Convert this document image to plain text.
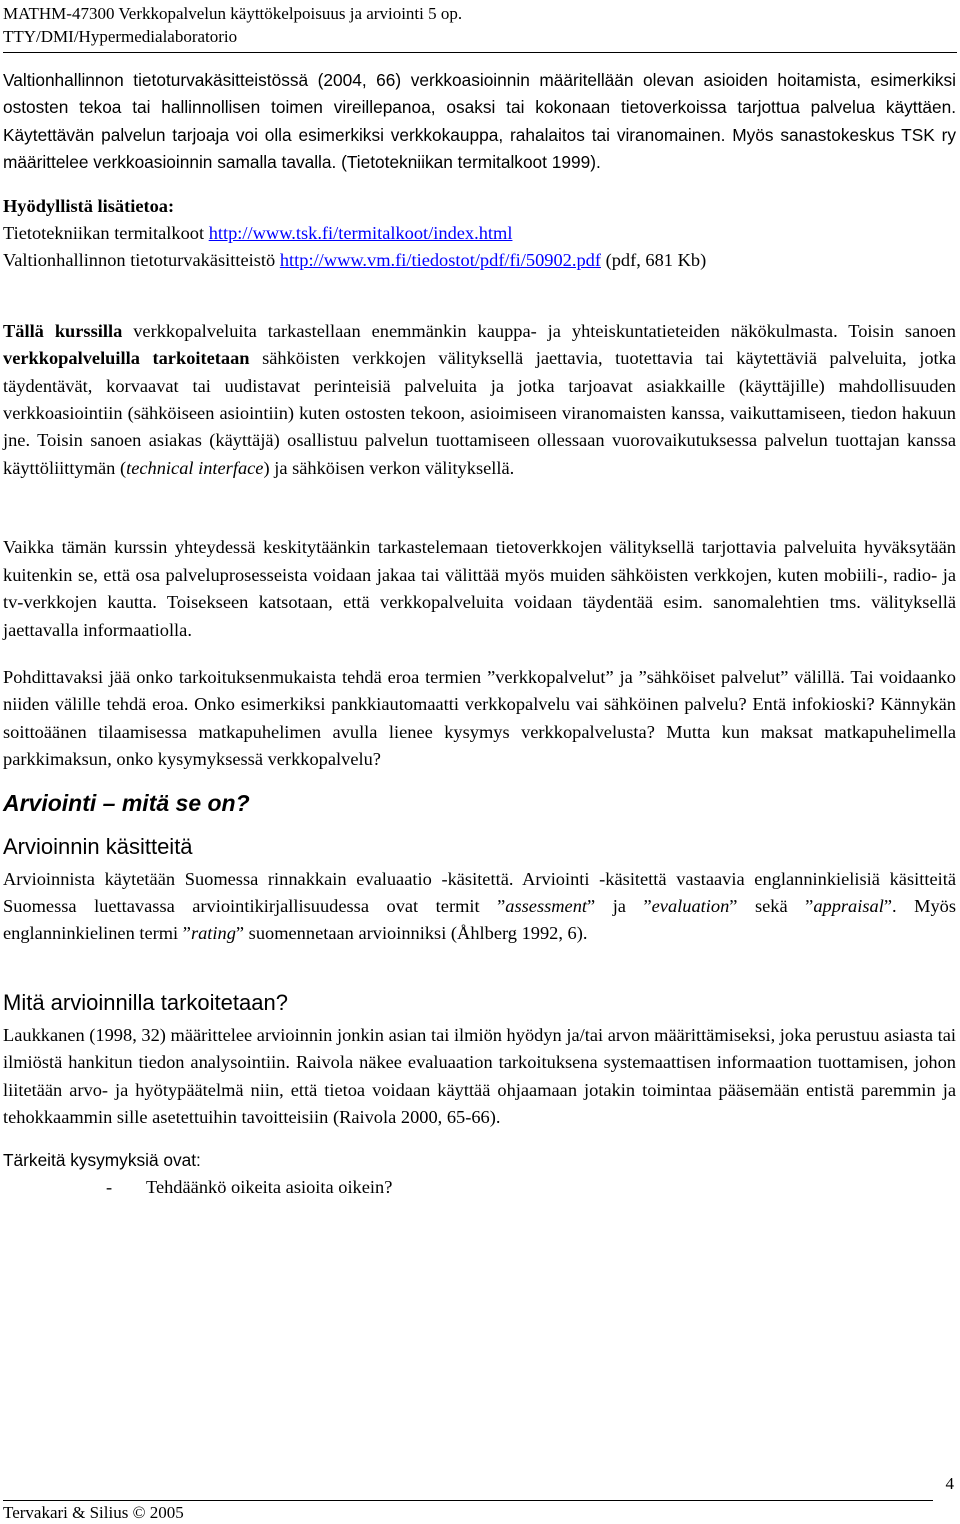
MATHM-47300 Verkkopalvelun käyttökelpoisuus ja arviointi 5 op.
TTY/DMI/Hypermedialaboratorio

Valtionhallinnon tietoturvakäsitteistössä (2004, 66) verkkoasioinnin määritellään olevan asioiden hoitamista, esimerkiksi ostosten tekoa tai hallinnollisen toimen vireillepanoa, osaksi tai kokonaan tietoverkoissa tarjottua palvelua käyttäen. Käytettävän palvelun tarjoaja voi olla esimerkiksi verkkokauppa, rahalaitos tai viranomainen. Myös sanastokeskus TSK ry määrittelee verkkoasioinnin samalla tavalla. (Tietotekniikan termitalkoot 1999).

Hyödyllistä lisätietoa:
Tietotekniikan termitalkoot http://www.tsk.fi/termitalkoot/index.html
Valtionhallinnon tietoturvakäsitteistö http://www.vm.fi/tiedostot/pdf/fi/50902.pdf (pdf, 681 Kb)

Tällä kurssilla verkkopalveluita tarkastellaan enemmänkin kauppa- ja yhteiskuntatieteiden näkökulmasta. Toisin sanoen verkkopalveluilla tarkoitetaan sähköisten verkkojen välityksellä jaettavia, tuotettavia tai käytettäviä palveluita, jotka täydentävät, korvaavat tai uudistavat perinteisiä palveluita ja jotka tarjoavat asiakkaille (käyttäjille) mahdollisuuden verkkoasiointiin (sähköiseen asiointiin) kuten ostosten tekoon, asioimiseen viranomaisten kanssa, vaikuttamiseen, tiedon hakuun jne. Toisin sanoen asiakas (käyttäjä) osallistuu palvelun tuottamiseen ollessaan vuorovaikutuksessa palvelun tuottajan kanssa käyttöliittymän (technical interface) ja sähköisen verkon välityksellä.

Vaikka tämän kurssin yhteydessä keskitytäänkin tarkastelemaan tietoverkkojen välityksellä tarjottavia palveluita hyväksytään kuitenkin se, että osa palveluprosesseista voidaan jakaa tai välittää myös muiden sähköisten verkkojen, kuten mobiili-, radio- ja tv-verkkojen kautta. Toisekseen katsotaan, että verkkopalveluita voidaan täydentää esim. sanomalehtien tms. välityksellä jaettavalla informaatiolla.

Pohdittavaksi jää onko tarkoituksenmukaista tehdä eroa termien ”verkkopalvelut” ja ”sähköiset palvelut” välillä. Tai voidaanko niiden välille tehdä eroa. Onko esimerkiksi pankkiautomaatti verkkopalvelu vai sähköinen palvelu? Entä infokioski? Kännykän soittoäänen tilaamisessa matkapuhelimen avulla lienee kysymys verkkopalvelusta? Mutta kun maksat matkapuhelimella parkkimaksun, onko kysymyksessä verkkopalvelu?

Arviointi – mitä se on?
Arvioinnin käsitteitä

Arvioinnista käytetään Suomessa rinnakkain evaluaatio -käsitettä. Arviointi -käsitettä vastaavia englanninkielisiä käsitteitä Suomessa luettavassa arviointikirjallisuudessa ovat termit ”assessment” ja ”evaluation” sekä ”appraisal”. Myös englanninkielinen termi ”rating” suomennetaan arvioinniksi (Åhlberg 1992, 6).

Mitä arvioinnilla tarkoitetaan?

Laukkanen (1998, 32) määrittelee arvioinnin jonkin asian tai ilmiön hyödyn ja/tai arvon määrittämiseksi, joka perustuu asiasta tai ilmiöstä hankitun tiedon analysointiin. Raivola näkee evaluaation tarkoituksena systemaattisen informaation tuottamisen, johon liitetään arvo- ja hyötypäätelmä niin, että tietoa voidaan käyttää ohjaamaan jotakin toimintaa pääsemään entistä paremmin ja tehokkaammin sille asetettuihin tavoitteisiin (Raivola 2000, 65-66).

Tärkeitä kysymyksiä ovat:
- Tehdäänkö oikeita asioita oikein?
4
Tervakari & Silius © 2005
